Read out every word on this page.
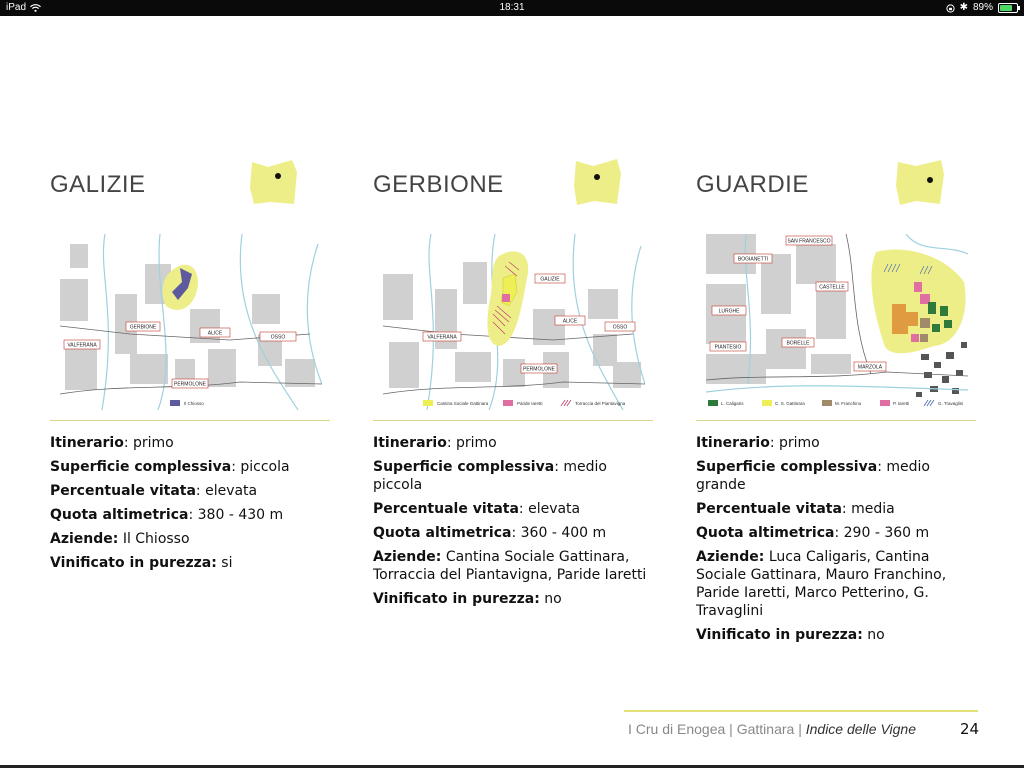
iPad	18:31	✱ 89%
GALIZIE
VALFERANA
GERBIONE
ALICE
OSSO
PERMOLONE
Il Chiosso
Itinerario: primo
Superficie complessiva: piccola
Percentuale vitata: elevata
Quota altimetrica: 380 - 430 m
Aziende: Il Chiosso
Vinificato in purezza: si
GERBIONE
GALIZIE
ALICE
OSSO
VALFERANA
PERMOLONE
Cantina Sociale Gattinara	Paride Iaretti	Torraccia del Piantavigna
Itinerario: primo
Superficie complessiva: medio piccola
Percentuale vitata: elevata
Quota altimetrica: 360 - 400 m
Aziende: Cantina Sociale Gattinara, Torraccia del Piantavigna, Paride Iaretti
Vinificato in purezza: no
GUARDIE
SAN FRANCESCO
BOGIANETTI
CASTELLE
LURGHE
PIANTESIO
BORELLE
MARZOLA
L. Caligaris	C. S. Gattinara	M. Franchino	P. Iaretti	G. Travaglini
Itinerario: primo
Superficie complessiva: medio grande
Percentuale vitata: media
Quota altimetrica: 290 - 360 m
Aziende: Luca Caligaris, Cantina Sociale Gattinara, Mauro Franchino, Paride Iaretti, Marco Petterino, G. Travaglini
Vinificato in purezza: no
I Cru di Enogea | Gattinara | Indice delle Vigne	24
